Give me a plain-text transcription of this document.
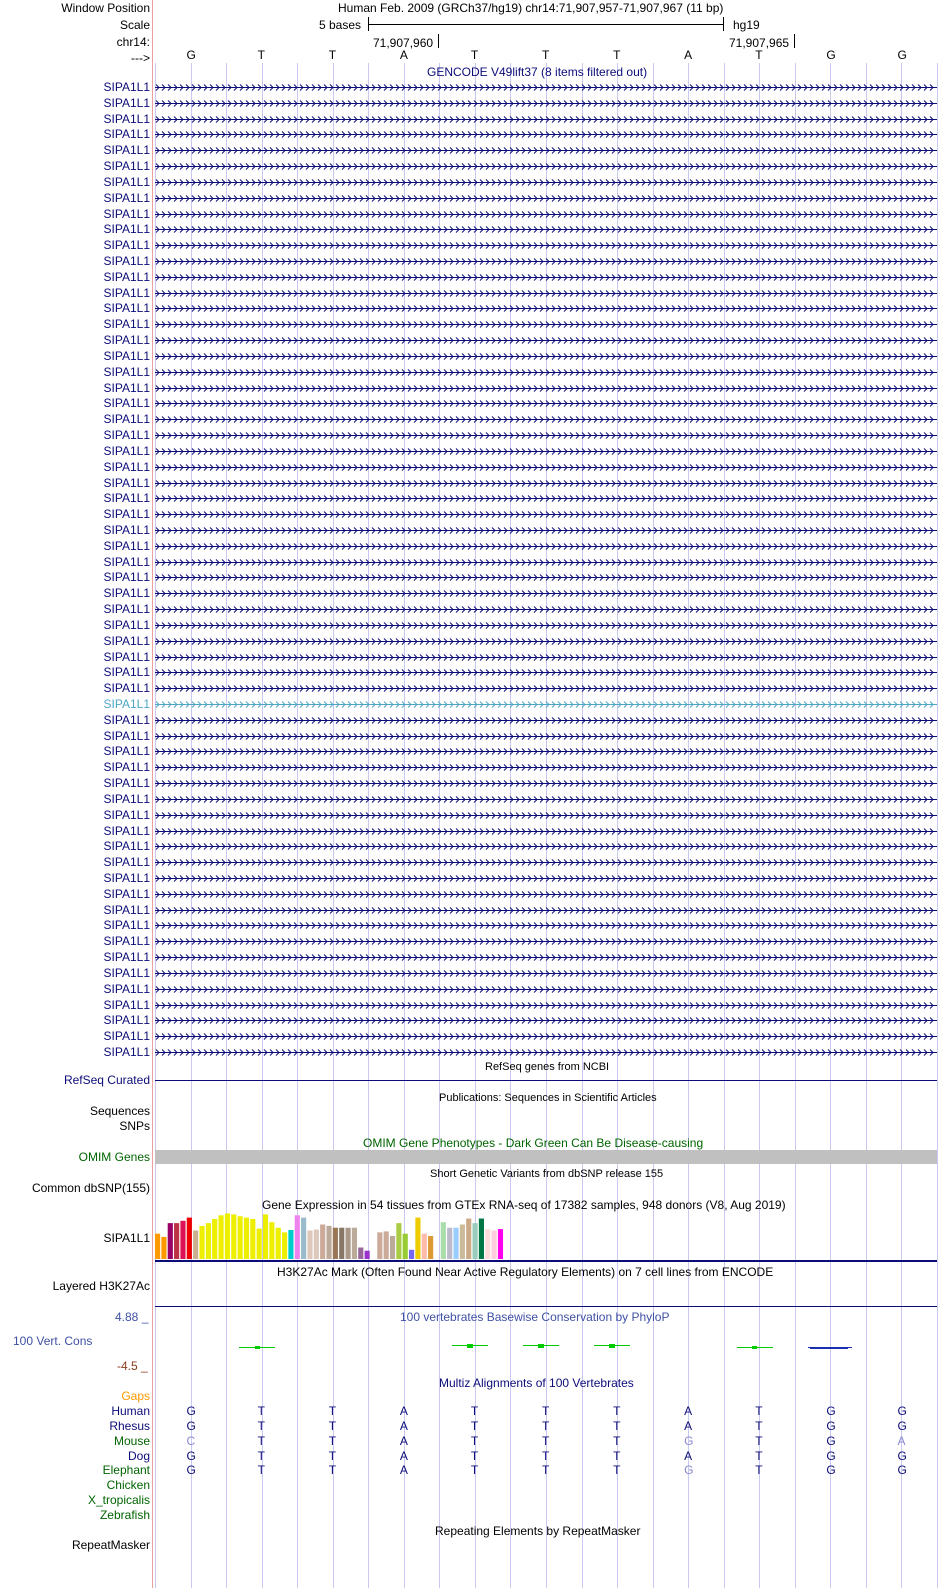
Window Position
Scale
chr14:
--->
Human Feb. 2009 (GRCh37/hg19) chr14:71,907,957-71,907,967 (11 bp)
5 bases	hg19
71,907,960	71,907,965
G	T	T	A	T	T	T	A	T	G	G
GENCODE V49lift37 (8 items filtered out)
SIPA1L1
SIPA1L1
SIPA1L1
SIPA1L1
SIPA1L1
SIPA1L1
SIPA1L1
SIPA1L1
SIPA1L1
SIPA1L1
SIPA1L1
SIPA1L1
SIPA1L1
SIPA1L1
SIPA1L1
SIPA1L1
SIPA1L1
SIPA1L1
SIPA1L1
SIPA1L1
SIPA1L1
SIPA1L1
SIPA1L1
SIPA1L1
SIPA1L1
SIPA1L1
SIPA1L1
SIPA1L1
SIPA1L1
SIPA1L1
SIPA1L1
SIPA1L1
SIPA1L1
SIPA1L1
SIPA1L1
SIPA1L1
SIPA1L1
SIPA1L1
SIPA1L1
SIPA1L1
SIPA1L1
SIPA1L1
SIPA1L1
SIPA1L1
SIPA1L1
SIPA1L1
SIPA1L1
SIPA1L1
SIPA1L1
SIPA1L1
SIPA1L1
SIPA1L1
SIPA1L1
SIPA1L1
SIPA1L1
SIPA1L1
SIPA1L1
SIPA1L1
SIPA1L1
SIPA1L1
SIPA1L1
SIPA1L1
RefSeq genes from NCBI
RefSeq Curated
Publications: Sequences in Scientific Articles
Sequences
SNPs
OMIM Gene Phenotypes - Dark Green Can Be Disease-causing
OMIM Genes
Short Genetic Variants from dbSNP release 155
Common dbSNP(155)
Gene Expression in 54 tissues from GTEx RNA-seq of 17382 samples, 948 donors (V8, Aug 2019)
SIPA1L1
H3K27Ac Mark (Often Found Near Active Regulatory Elements) on 7 cell lines from ENCODE
Layered H3K27Ac
100 vertebrates Basewise Conservation by PhyloP
4.88 _
100 Vert. Cons
-4.5 _
Multiz Alignments of 100 Vertebrates
Gaps
Human	G	T	T	A	T	T	T	A	T	G	G
Rhesus	G	T	T	A	T	T	T	A	T	G	G
Mouse	C	T	T	A	T	T	T	G	T	G	A
Dog	G	T	T	A	T	T	T	A	T	G	G
Elephant	G	T	T	A	T	T	T	G	T	G	G
Chicken
X_tropicalis
Zebrafish
Repeating Elements by RepeatMasker
RepeatMasker
